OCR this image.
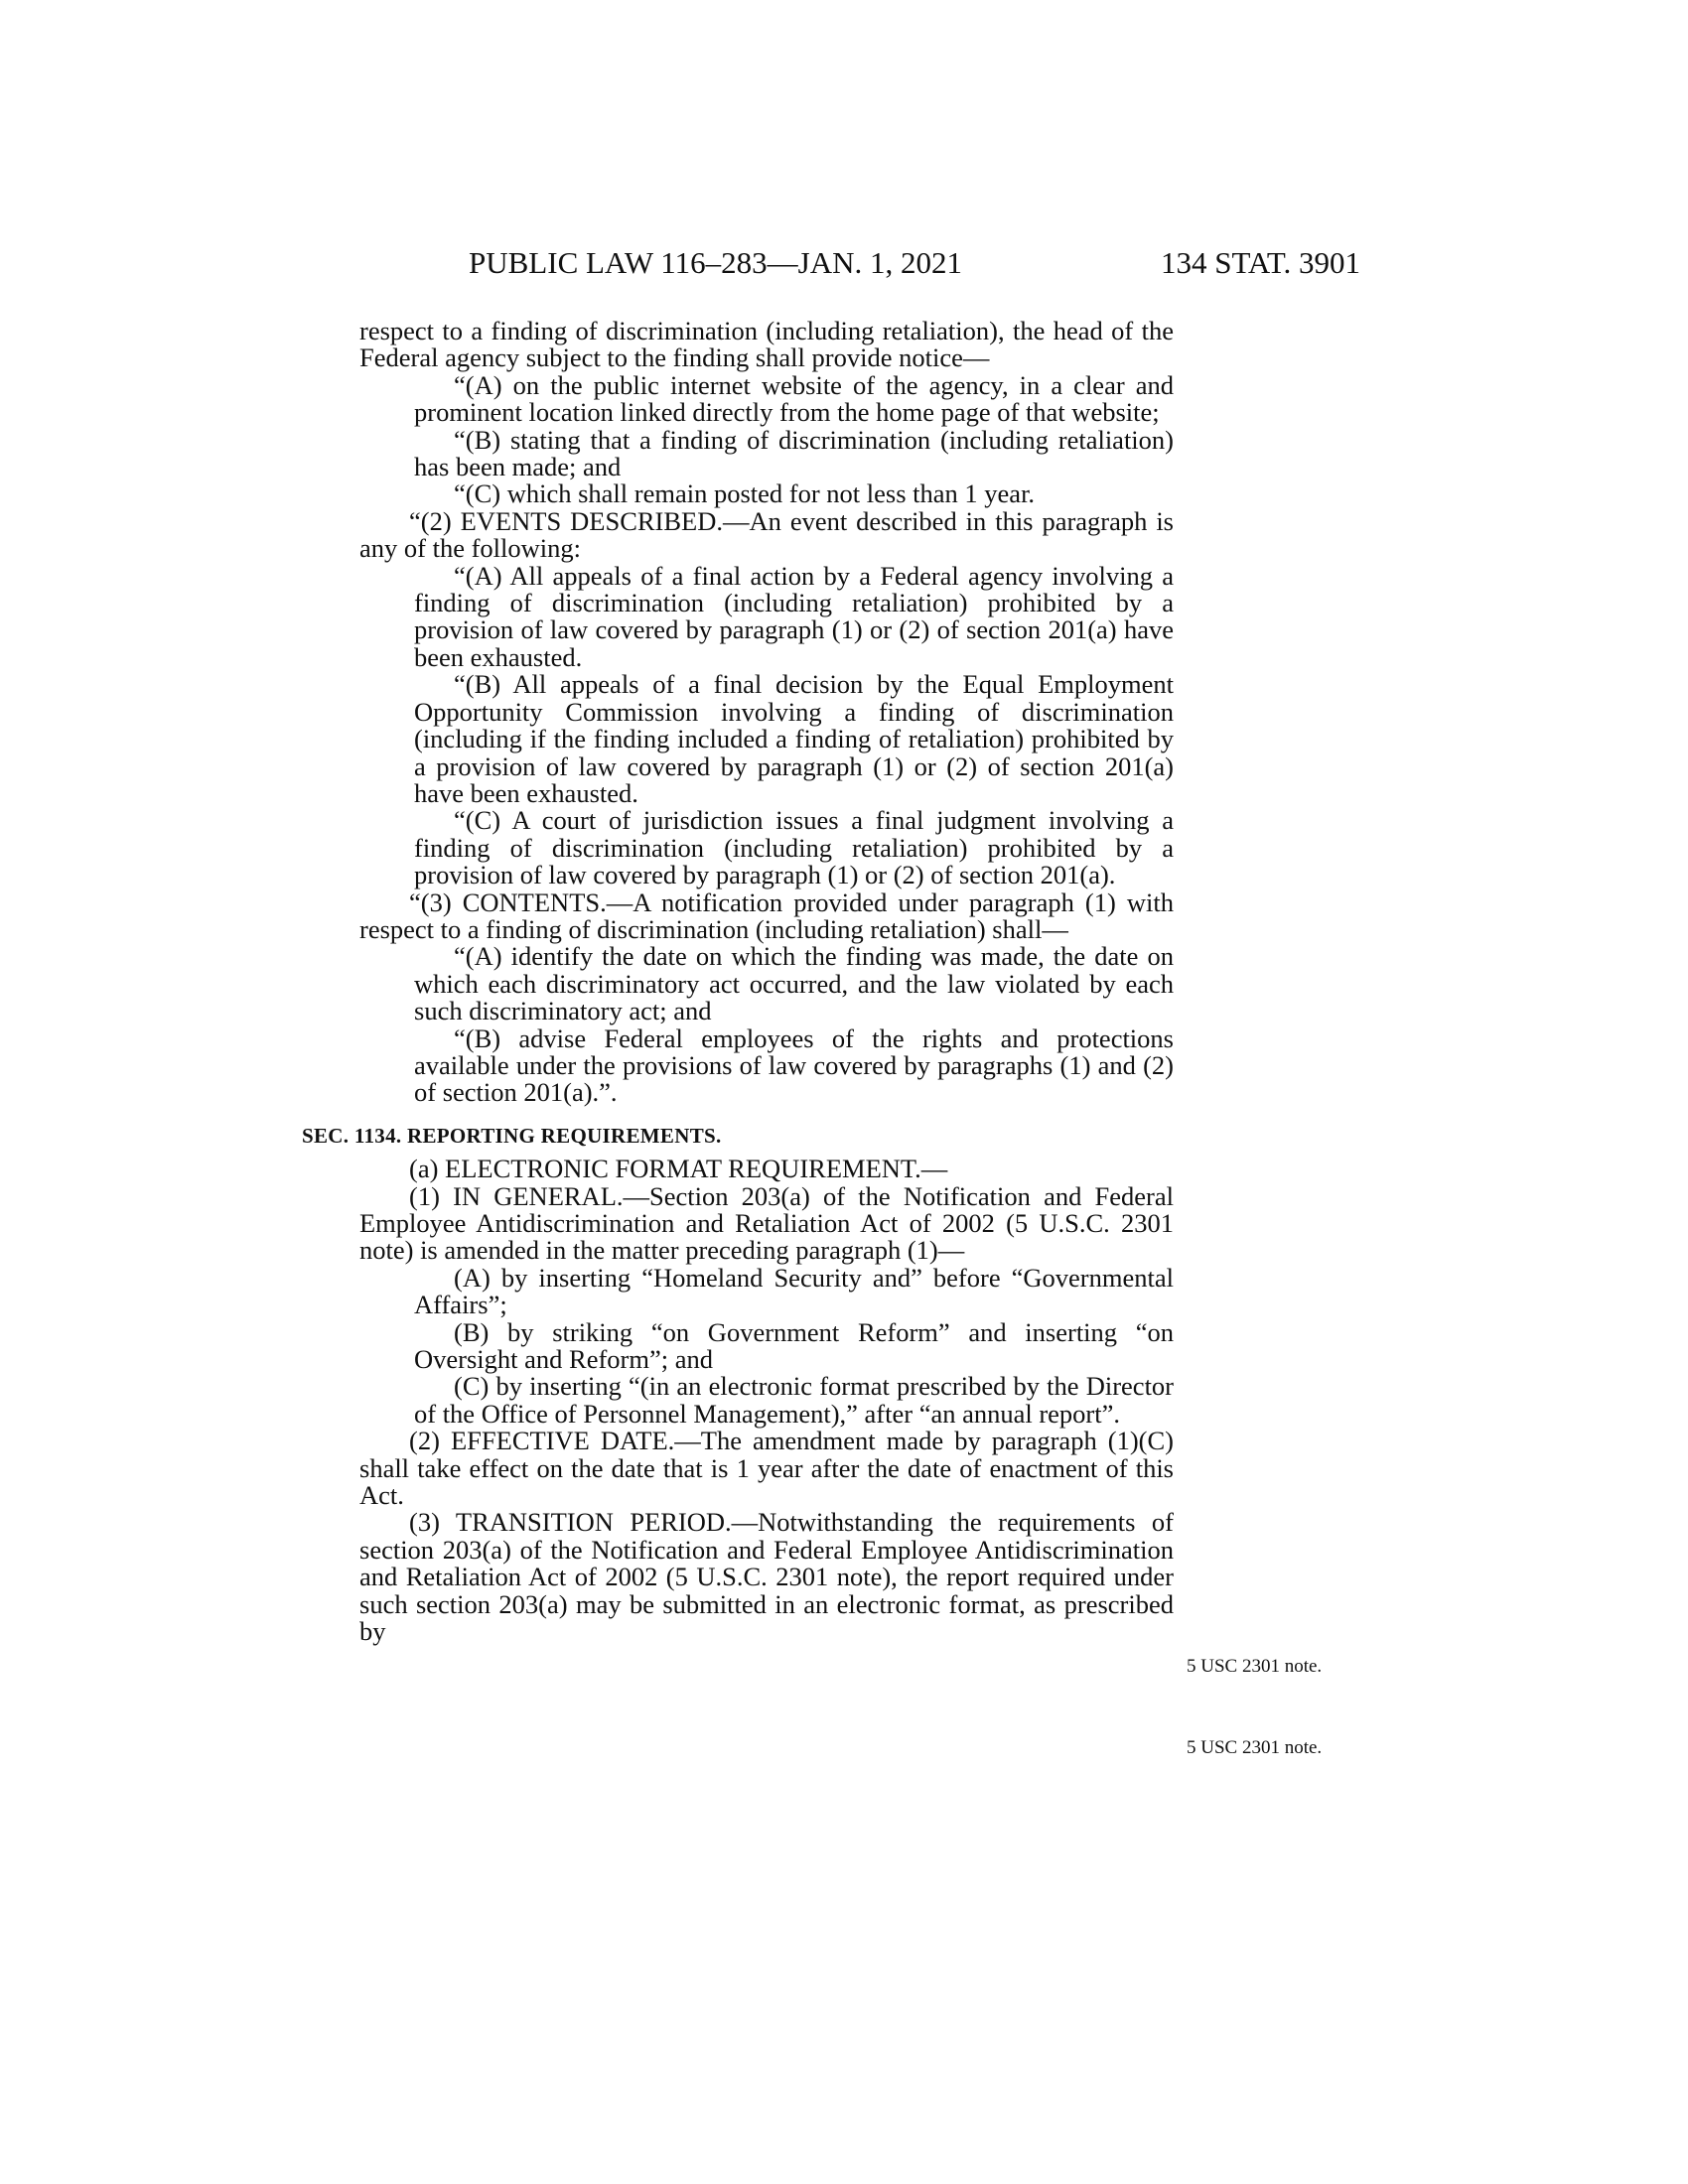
PUBLIC LAW 116–283—JAN. 1, 2021	134 STAT. 3901

respect to a finding of discrimination (including retaliation), the head of the Federal agency subject to the finding shall provide notice—

“(A) on the public internet website of the agency, in a clear and prominent location linked directly from the home page of that website;

“(B) stating that a finding of discrimination (including retaliation) has been made; and

“(C) which shall remain posted for not less than 1 year.

“(2) EVENTS DESCRIBED.—An event described in this paragraph is any of the following:

“(A) All appeals of a final action by a Federal agency involving a finding of discrimination (including retaliation) prohibited by a provision of law covered by paragraph (1) or (2) of section 201(a) have been exhausted.

“(B) All appeals of a final decision by the Equal Employment Opportunity Commission involving a finding of discrimination (including if the finding included a finding of retaliation) prohibited by a provision of law covered by paragraph (1) or (2) of section 201(a) have been exhausted.

“(C) A court of jurisdiction issues a final judgment involving a finding of discrimination (including retaliation) prohibited by a provision of law covered by paragraph (1) or (2) of section 201(a).

“(3) CONTENTS.—A notification provided under paragraph (1) with respect to a finding of discrimination (including retaliation) shall—

“(A) identify the date on which the finding was made, the date on which each discriminatory act occurred, and the law violated by each such discriminatory act; and

“(B) advise Federal employees of the rights and protections available under the provisions of law covered by paragraphs (1) and (2) of section 201(a).”.

SEC. 1134. REPORTING REQUIREMENTS.

(a) ELECTRONIC FORMAT REQUIREMENT.—

(1) IN GENERAL.—Section 203(a) of the Notification and Federal Employee Antidiscrimination and Retaliation Act of 2002 (5 U.S.C. 2301 note) is amended in the matter preceding paragraph (1)—

(A) by inserting “Homeland Security and” before “Governmental Affairs”;

(B) by striking “on Government Reform” and inserting “on Oversight and Reform”; and

(C) by inserting “(in an electronic format prescribed by the Director of the Office of Personnel Management),” after “an annual report”.

(2) EFFECTIVE DATE.—The amendment made by paragraph (1)(C) shall take effect on the date that is 1 year after the date of enactment of this Act.

(3) TRANSITION PERIOD.—Notwithstanding the requirements of section 203(a) of the Notification and Federal Employee Antidiscrimination and Retaliation Act of 2002 (5 U.S.C. 2301 note), the report required under such section 203(a) may be submitted in an electronic format, as prescribed by

5 USC 2301 note.
5 USC 2301 note.
